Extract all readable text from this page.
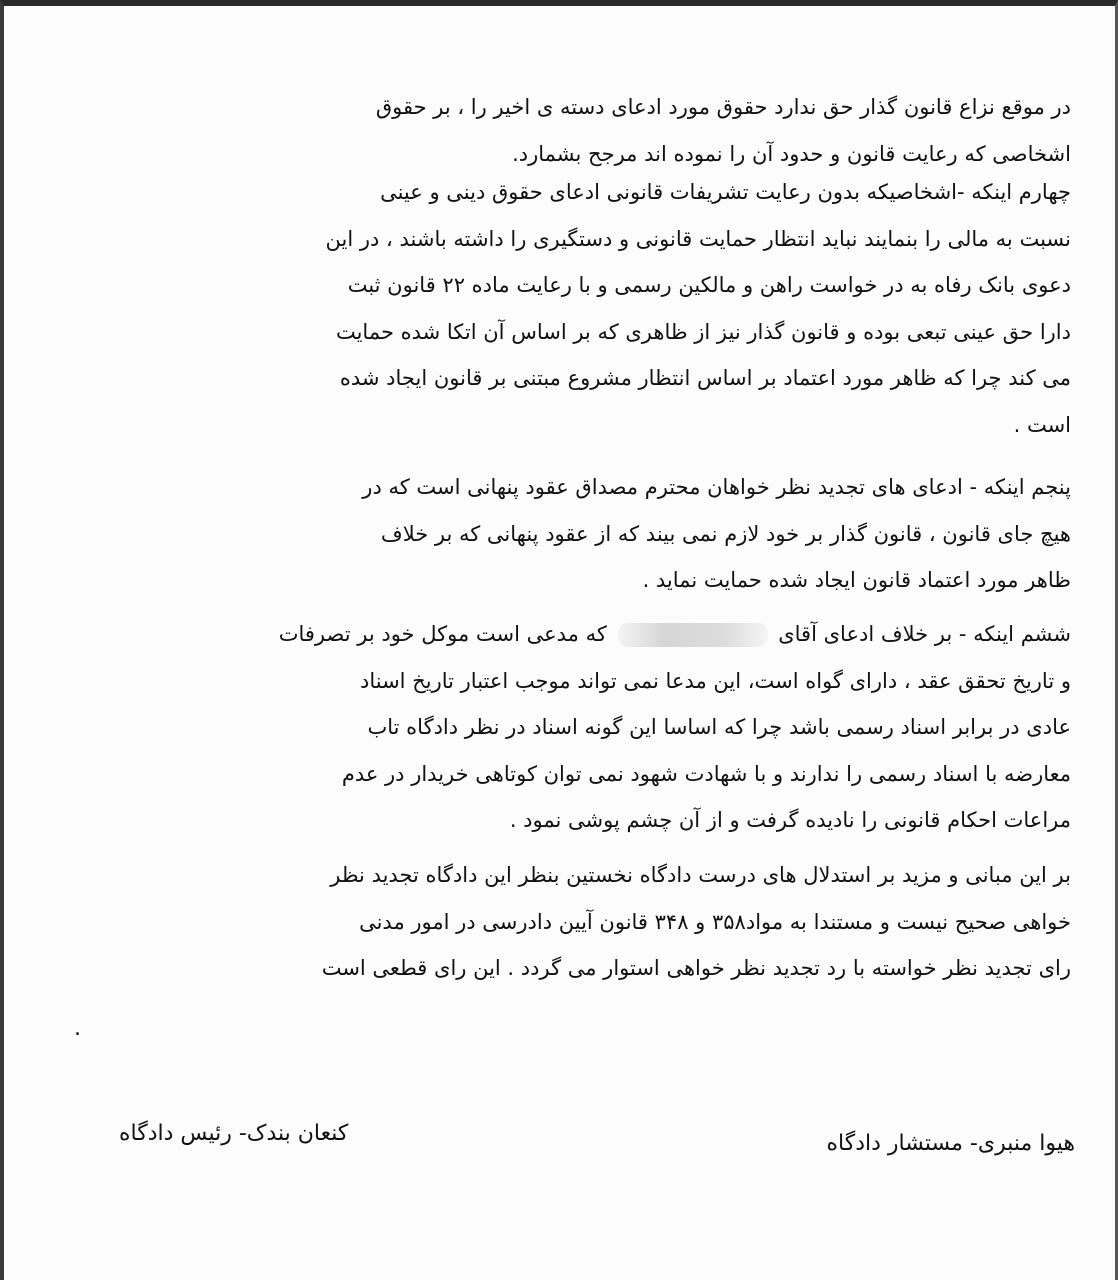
در موقع نزاع قانون گذار حق ندارد حقوق مورد ادعای دسته ی اخیر را ، بر حقوق
اشخاصی که رعایت قانون و حدود آن را نموده اند مرجح بشمارد.
چهارم اینکه -اشخاصیکه بدون رعایت تشریفات قانونی ادعای حقوق دینی و عینی
نسبت به مالی را بنمایند نباید انتظار حمایت قانونی و دستگیری را داشته باشند ، در این
دعوی بانک رفاه به در خواست راهن و مالکین رسمی و با رعایت ماده ۲۲ قانون ثبت
دارا حق عینی تبعی بوده و قانون گذار نیز از ظاهری که بر اساس آن اتکا شده حمایت
می کند چرا که ظاهر مورد اعتماد بر اساس انتظار مشروع مبتنی بر قانون ایجاد شده
است .
پنجم اینکه - ادعای های تجدید نظر خواهان محترم مصداق عقود پنهانی است که در
هیچ جای قانون ، قانون گذار بر خود لازم نمی بیند که از عقود پنهانی که بر خلاف
ظاهر مورد اعتماد قانون ایجاد شده حمایت نماید .
ششم اینکه - بر خلاف ادعای آقای  که مدعی است موکل خود بر تصرفات
و تاریخ تحقق عقد ، دارای گواه است، این مدعا نمی تواند موجب اعتبار تاریخ اسناد
عادی در برابر اسناد رسمی باشد چرا که اساسا این گونه اسناد در نظر دادگاه تاب
معارضه با اسناد رسمی را ندارند و با شهادت شهود نمی توان کوتاهی خریدار در عدم
مراعات احکام قانونی را نادیده گرفت و از آن چشم پوشی نمود .
بر این مبانی و مزید بر استدلال های درست دادگاه نخستین بنظر این دادگاه تجدید نظر
خواهی صحیح نیست و مستندا به مواد۳۵۸ و ۳۴۸ قانون آیین دادرسی در امور مدنی
رای تجدید نظر خواسته با رد تجدید نظر خواهی استوار می گردد . این رای قطعی است
.
هیوا منبری- مستشار دادگاه
کنعان بندک- رئیس دادگاه
